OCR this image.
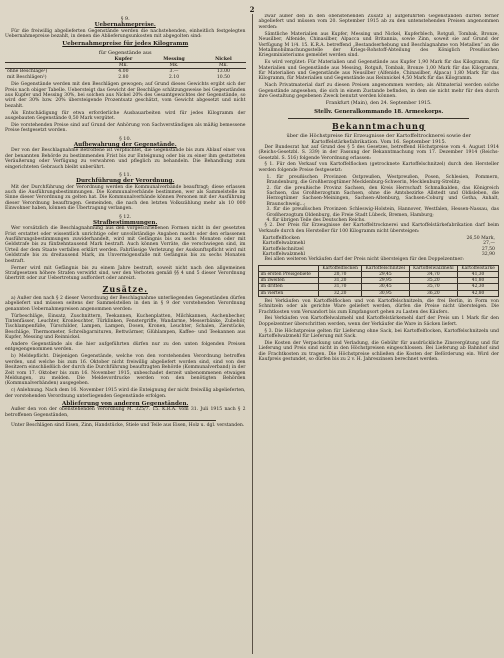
2
§ 9.
Uebernahmepreise.

Für die freiwillig abgelieferten Gegenstände werden die nachstehenden, einheitlich festgelegten Uebernahmepreise bezahlt, in denen die Ablieferungsunkosten mit abgegolten sind:

Uebernahmepreise für jedes Kilogramm
für Gegenstände aus
	Kupfer	Messing	Nickel
	Mk.	Mk.	Mk.
ohne Beschläge¹)	4.00	3.—	13.00
mit Beschlägen¹)	2.80	2.10	10.50

Die Gegenstände werden mit den Beschlägen gewogen; auf Grund dieses Gewichts ergibt sich der Preis nach obiger Tabelle. Uebersteigt das Gewicht der Beschläge schätzungsweise bei Gegenständen aus Kupfer und Messing 30%, bei solchen aus Nickel 20% des Gesamtgewichtes der Gegenstände, so wird der 30% bzw. 20% übersteigende Prozentsatz geschätzt, vom Gewicht abgesetzt und nicht bezahlt.

Als Entschädigung für etwa erforderliche Ausbauarbeiten wird für jedes Kilogramm der ausgebauten Gegenstände 0,50 Mark vergütet.

Die vorstehenden Preise sind auf Grund der Anhörung von Sachverständigen als mäßig bemessene Preise festgesetzt worden.

§ 10.
Aufbewahrung der Gegenstände.

Der von der Beschlagnahme Betroffene ist verpflichtet, die Gegenstände bis zum Ablauf einer von der benannten Behörde zu bestimmenden Frist bis zur Enteignung oder bis zu einer ihm gestatteten Veräußerung oder Verfügung zu verwahren und pfleglich zu behandeln. Die Behandlung zum eingerichteten Gebrauch bleibt unberührt.

§ 11.
Durchführung der Verordnung.

Mit der Durchführung der Verordnung werden die Kommunalverbände beauftragt; diese erlassen auch die Ausführungsbestimmungen. Die Kommunalverbände bestimmen, wer als Sammelstelle im Sinne dieser Verordnung zu gelten hat. Die Kommunalverbände können Personen mit der Ausführung dieser Verordnung beauftragen. Gemeinden, die nach den letzten Volkszählung mehr als 10 000 Einwohner haben, können die Übertragung verlangen.

§ 12.
Strafbestimmungen.

Wer vorsätzlich die Beschlagnahmung aus den vorgeschriebenen Formen nicht in der gesetzten Frist erstattet oder wissentlich unrichtige oder unvollständige Angaben macht oder den erlassenen Ausführungsbestimmungen zuwiderhandelt, wird mit Gefängnis bis zu sechs Monaten oder mit Geldstrafe bis zu fünfzehntausend Mark bestraft. Auch können Vorräte, die verschwiegen sind, im Urteil der dem Staate verfallen erklärt werden. Fahrlässige Verletzung der Auskunftspflicht wird mit Geldstrafe bis zu dreitausend Mark, im Unvermögensfalle mit Gefängnis bis zu sechs Monaten bestraft.

Ferner wird mit Gefängnis bis zu einem Jahre bestraft, soweit nicht nach den allgemeinen Strafgesetzen höhere Strafen verwirkt sind, wer den Verboten gemäß §§ 4 und 5 dieser Verordnung übertritt oder zur Uebertretung auffordert oder anreizt.

Zusätze.

a) Außer den nach § 2 dieser Verordnung der Beschlagnahme unterliegenden Gegenständen dürfen abgeliefert und müssen seitens der Sammelstellen in den in § 9 der vorstehenden Verordnung genannten Uebernahmepreisen angenommen werden:

Türbeschläge, Einsatz, Zuschnittern, Teekannen, Kuchenplatten, Milchkannen, Aschenbecher, Tintenfässer, Leuchter, Kronleuchter, Türklinken, Fenstergriffe, Wandarme, Messerbänke, Zubehör, Tischlampenfüße, Türschilder, Lampen, Lampen, Dosen, Kronen, Leuchter, Schalen, Zierstücke, Beschläge, Thermometer, Schreibgarnituren, Bettwärmer, Glühlampen, Kaffee- und Teekannen aus Kupfer, Messing und Reinnickel.

Andere Gegenstände als die hier aufgeführten dürfen nur zu den unten folgenden Preisen entgegengenommen werden.

b) Meldepflicht. Diejenigen Gegenstände, welche von den vorstehenden Verordnung betroffen werden, und welche bis zum 16. Oktober nicht freiwillig abgeliefert worden sind, sind von den Besitzern einschließlich der durch die Durchführung beauftragten Behörde (Kommunalverband) in der Zeit vom 17. Oktober bis zum 16. November 1915, unbeschadet derzeit unbenommenen etwaigen Meldungen, zu melden. Die Meldevordrucke werden von den benötigten Behörden (Kommunalverbänden) ausgegeben.

c) Anlehnung. Nach dem 16. November 1915 wird die Enteignung der nicht freiwillig abgelieferten, der vorstehenden Verordnung unterliegenden Gegenstände erfolgen.

Ablieferung von anderen Gegenständen.

Außer den von der obenstehenden Verordnung M. 325/7. 15. K.R.A. vom 31. Juli 1915 nach § 2 betroffenen Gegenständen,

Unter Beschlägen sind Eisen, Zinn, Handstücke, Stiele und Teile aus Eisen, Holz u. dgl. verstanden.

zwar außer den in den obenstehenden Zusatz a) aufgeführten Gegenständen dürfen ferner abgeliefert und müssen vom 20. September 1915 ab zu den untenstehenden Preisen angenommen werden:

Sämtliche Materialien aus Kupfer, Messing und Nickel, Kupferblech, Rotguß, Tombak, Bronze, Neusilber, Alfenide, Chinasilber, Alpacca und Britannia, sowie Zinn, soweit sie auf Grund der Verfügung M 1/4. 15. K.R.A. betreffend „Bestandserhebung und Beschlagnahme von Metallen“ an die Metallmobilmachungsstelle der Kriegs-Rohstoff-Abteilung des Königlich Preußischen Kriegsministeriums gemeldet werden sind.

Es wird vergütet: Für Materialien und Gegenstände aus Kupfer 1,90 Mark für das Kilogramm, für Materialien und Gegenstände aus Messing, Rotguß, Tombak, Bronze 1,00 Mark für das Kilogramm, für Materialien und Gegenstände aus Neusilber (Alfenide, Chinasilber, Alpaca) 1,80 Mark für das Kilogramm, für Materialien und Gegenstände aus Reinnickel 4,50 Mark für das Kilogramm.

Nach Privatmaterial darf zu diesen Preisen angenommen werden; als Altmaterial werden solche Gegenstände angesehen, die sich in einem Zustande befinden, in dem sie nicht mehr für den durch ihre Gestaltung gegebenen Zweck benutzt werden können.

Frankfurt (Main), den 24. September 1915.
Stellv. Generalkommando 18. Armeekorps.
Bekanntmachung
über die Höchstpreise für Erzeugnisse der Kartoffeltrocknerei sowie der Kartoffelstärkefabrikation. Vom 16. September 1915.

Der Bundesrat hat auf Grund des § 5 des Gesetzes, betreffend Höchstpreise vom 4. August 1914 (Reichs-Gesetzbl. S. 339) in der Fassung der Bekanntmachung vom 17. Dezember 1914 (Reichs-Gesetzbl. S. 516) folgende Verordnung erlassen:

§ 1. Für den Verkauf von Kartoffelflocken (getrocknete Kartoffelschnitzel) durch den Hersteller werden folgende Preise festgesetzt:

1. für preußischen Provinzen Ostpreußen, Westpreußen, Posen, Schlesien, Pommern, Brandenburg, die Großherzogtümer Mecklenburg-Schwerin, Mecklenburg-Strelitz;
2. für die preußische Provinz Sachsen, den Kreis Herrschaft Schmalkalden, das Königreich Sachsen, das Großherzogtum Sachsen, ohne die Amtsbezirke Allstedt und Oldisleben, die Herzogtümer Sachsen-Meiningen, Sachsen-Altenburg, Sachsen-Coburg und Gotha, Anhalt, Braunschweig...;
3. für die preußischen Provinzen Schleswig-Holstein, Hannover, Westfalen, Hessen-Nassau, das Großherzogtum Oldenburg, die Freie Stadt Lübeck, Bremen, Hamburg;
4. für übrigen Teile des Deutschen Reichs.

§ 2. Der Preis für Erzeugnisse der Kartoffeltrocknerei und Kartoffelstärkefabrikation darf beim Verkaufe durch den Hersteller für 100 Kilogramm nicht übersteigen:

Kartoffelflocken	26,50 Mark,
Kartoffelwalzmehl	27,—
Kartoffelschnitzel	27,50
Kartoffelwalzmehl	32,90

Bei allen weiteren Verkäufen darf der Preis nicht übersteigen für den Doppelzentner:

	Kartoffelflocken	Kartoffelschnitzel	Kartoffelwalzmehl	Kartoffelstärke
im ersten Preisgebiete	20,70	29,45	34,70	41,30
im zweiten	31,20	29,95	35,20	41,80
im dritten	31,70	30,45	35,70	42,30
im vierten	32,20	30,95	36,20	42,80

Bei Verkäufen von Kartoffelflocken und von Kartoffelschnitzeln, die frei Berlin, in Form von Schnitzeln oder als gerichte Ware geliefert werden, dürfen die Preise nicht übersteigen. Die Frachtkosten vom Versandort bis zum Empfangsort gehen zu Lasten des Käufers.

Bei Verkäufen von Kartoffelwalzmehl und Kartoffelstärkemehl darf der Preis um 1 Mark für den Doppelzentner überschritten werden, wenn der Verkäufer die Ware in Säcken liefert.

§ 3. Die Höchstpreise gelten für Lieferung ohne Sack, bei Kartoffelflocken, Kartoffelschnitzeln und Kartoffelwalzmehl für Lieferung mit Sack.

Die Kosten der Verpackung und Verladung, die Gebühr für ausdrückliche Zinsvergütung und für Lieferung und Preis sind nicht in den Höchstpreisen eingeschlossen. Bei Lieferung ab Bahnhof sind die Frachtkosten zu tragen. Die Höchstpreise schließen die Kosten der Beförderung ein. Wird der Kaufpreis gestundet, so dürfen bis zu 2 v. H. Jahreszinsen berechnet werden.
